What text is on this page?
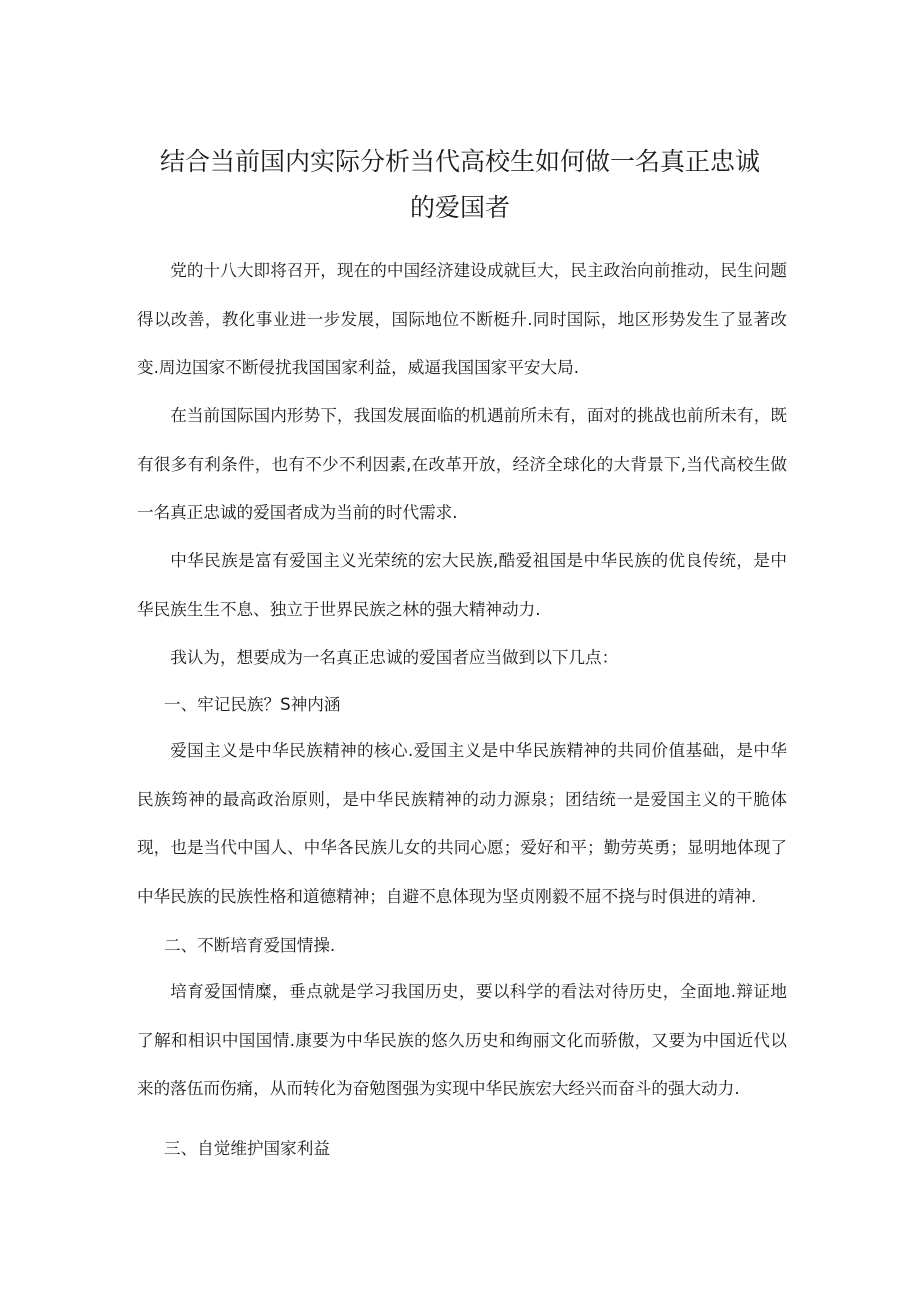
结合当前国内实际分析当代高校生如何做一名真正忠诚
的爱国者

党的十八大即将召开，现在的中国经济建设成就巨大，民主政治向前推动，民生问题得以改善，教化事业进一步发展，国际地位不断梃升.同时国际，地区形势发生了显著改变.周边国家不断侵扰我国国家利益，威逼我国国家平安大局.

在当前国际国内形势下，我国发展面临的机遇前所未有，面对的挑战也前所未有，既有很多有利条件，也有不少不利因素,在改革开放，经济全球化的大背景下,当代高校生做一名真正忠诚的爱国者成为当前的时代需求.

中华民族是富有爱国主义光荣统的宏大民族,酷爱祖国是中华民族的优良传统，是中华民族生生不息、独立于世界民族之林的强大精神动力.

我认为，想要成为一名真正忠诚的爱国者应当做到以下几点：

一、牢记民族？S神内涵

爱国主义是中华民族精神的核心.爱国主义是中华民族精神的共同价值基础，是中华民族筠神的最高政治原则，是中华民族精神的动力源泉；团结统一是爱国主义的干脆体现，也是当代中国人、中华各民族儿女的共同心愿；爱好和平；勤劳英勇；显明地体现了中华民族的民族性格和道德精神；自避不息体现为坚贞刚毅不屈不挠与时俱进的靖神.

二、不断培育爱国情操.

培育爱国情糜，垂点就是学习我国历史，要以科学的看法对待历史，全面地.辩证地了解和相识中国国情.康要为中华民族的悠久历史和绚丽文化而骄傲，又要为中国近代以来的落伍而伤痛，从而转化为奋勉图强为实现中华民族宏大经兴而奋斗的强大动力.

三、自觉维护国家利益
